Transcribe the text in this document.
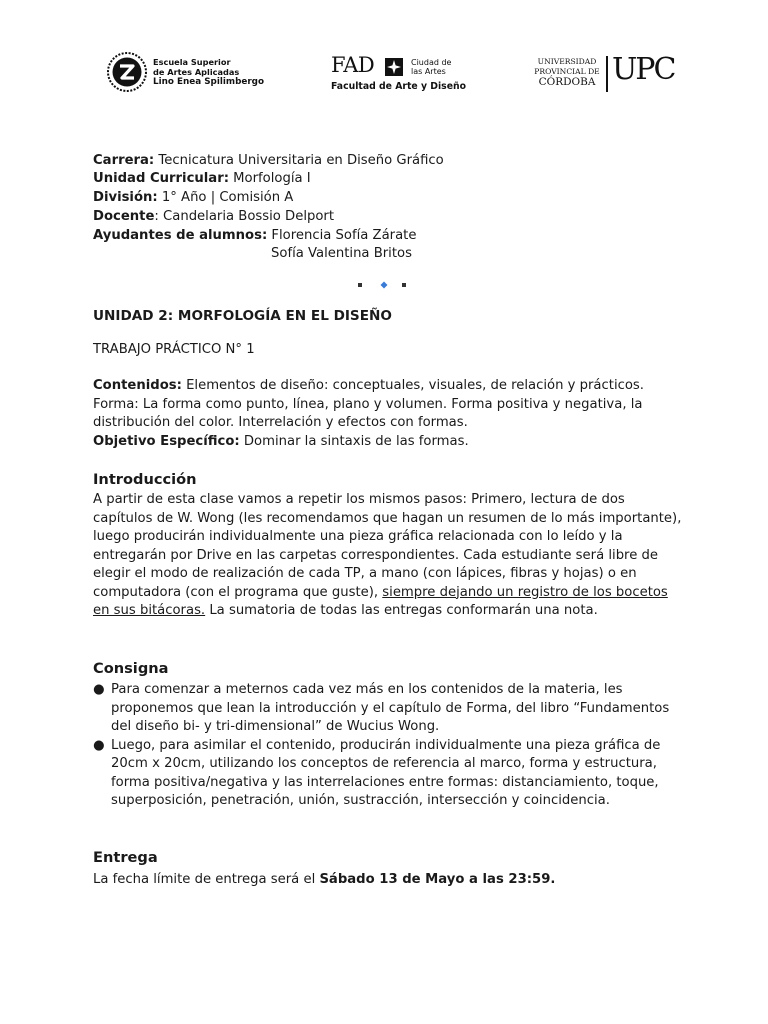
Escuela Superior
de Artes Aplicadas
Lino Enea Spilimbergo
FAD	Ciudad de
las Artes
Facultad de Arte y Diseño
UNIVERSIDAD
PROVINCIAL DE
CÓRDOBA UPC
Carrera: Tecnicatura Universitaria en Diseño Gráfico
Unidad Curricular: Morfología I
División: 1° Año | Comisión A
Docente: Candelaria Bossio Delport
Ayudantes de alumnos: Florencia Sofía Zárate
Sofía Valentina Britos
UNIDAD 2: MORFOLOGÍA EN EL DISEÑO
TRABAJO PRÁCTICO N° 1
Contenidos: Elementos de diseño: conceptuales, visuales, de relación y prácticos. Forma: La forma como punto, línea, plano y volumen. Forma positiva y negativa, la distribución del color. Interrelación y efectos con formas.
Objetivo Específico: Dominar la sintaxis de las formas.
Introducción
A partir de esta clase vamos a repetir los mismos pasos: Primero, lectura de dos capítulos de W. Wong (les recomendamos que hagan un resumen de lo más importante), luego producirán individualmente una pieza gráfica relacionada con lo leído y la entregarán por Drive en las carpetas correspondientes. Cada estudiante será libre de elegir el modo de realización de cada TP, a mano (con lápices, fibras y hojas) o en computadora (con el programa que guste), siempre dejando un registro de los bocetos en sus bitácoras. La sumatoria de todas las entregas conformarán una nota.
Consigna
● Para comenzar a meternos cada vez más en los contenidos de la materia, les proponemos que lean la introducción y el capítulo de Forma, del libro “Fundamentos del diseño bi- y tri-dimensional” de Wucius Wong.
● Luego, para asimilar el contenido, producirán individualmente una pieza gráfica de 20cm x 20cm, utilizando los conceptos de referencia al marco, forma y estructura, forma positiva/negativa y las interrelaciones entre formas: distanciamiento, toque, superposición, penetración, unión, sustracción, intersección y coincidencia.
Entrega
La fecha límite de entrega será el Sábado 13 de Mayo a las 23:59.
